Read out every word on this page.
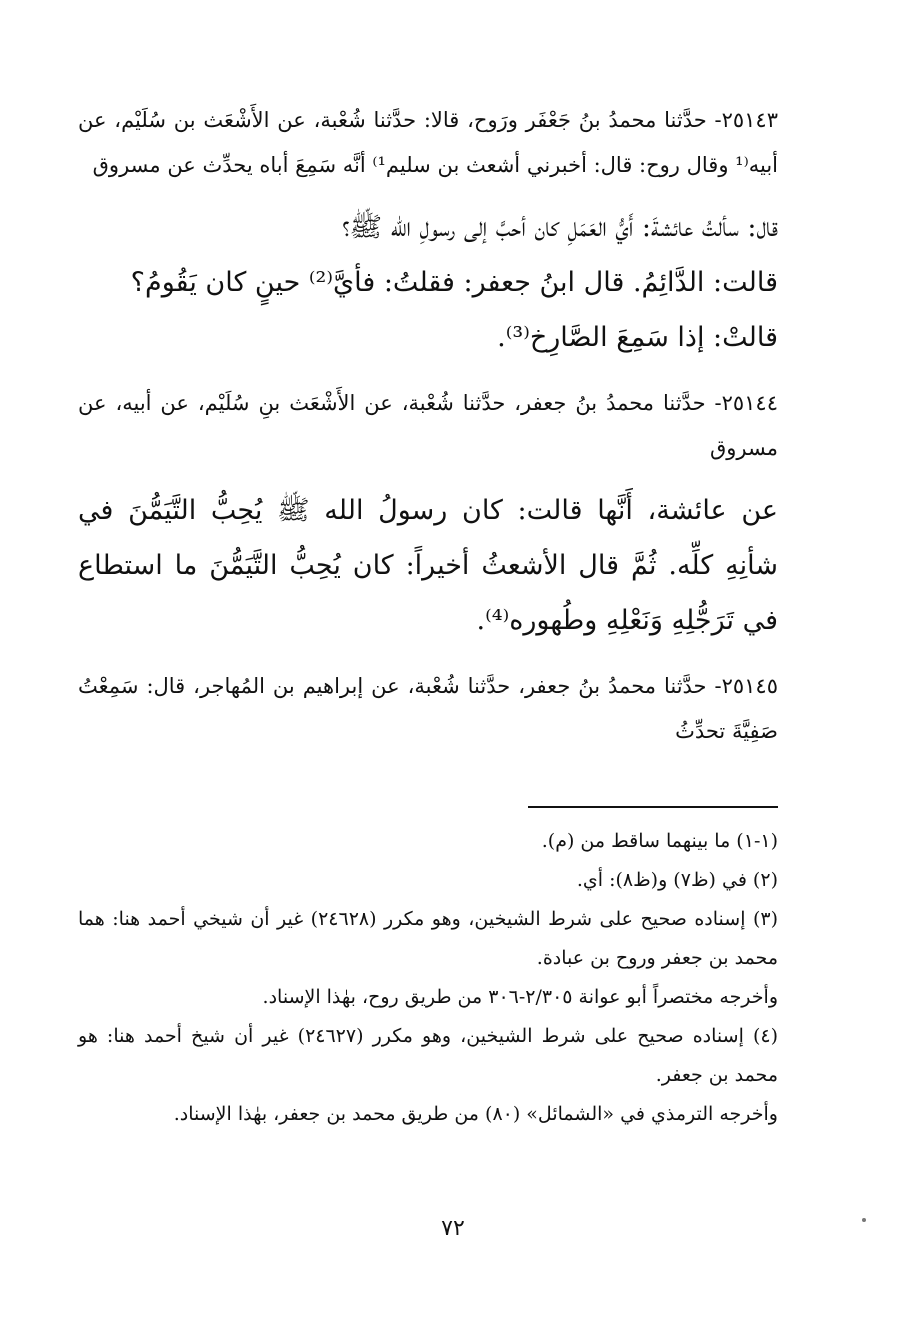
٢٥١٤٣- حدَّثنا محمدُ بنُ جَعْفَر ورَوح، قالا: حدَّثنا شُعْبة، عن الأَشْعَث بن سُلَيْم، عن أبيه⁽¹ وقال روح: قال: أخبرني أشعث بن سليم¹⁾ أنَّه سَمِعَ أباه يحدِّث عن مسروق

قال: سألتُ عائشةَ: أَيُّ العَمَلِ كان أحبَّ إلى رسولِ الله ﷺ؟

قالت: الدَّائِمُ. قال ابنُ جعفر: فقلتُ: فأيَّ⁽²⁾ حينٍ كان يَقُومُ؟

قالتْ: إذا سَمِعَ الصَّارِخ⁽³⁾.

٢٥١٤٤- حدَّثنا محمدُ بنُ جعفر، حدَّثنا شُعْبة، عن الأَشْعَث بنِ سُلَيْم، عن أبيه، عن مسروق

عن عائشة، أَنَّها قالت: كان رسولُ الله ﷺ يُحِبُّ التَّيَمُّنَ في شأنِهِ كلِّه. ثُمَّ قال الأشعثُ أخيراً: كان يُحِبُّ التَّيَمُّنَ ما استطاع في تَرَجُّلِهِ وَنَعْلِهِ وطُهوره⁽⁴⁾.

٢٥١٤٥- حدَّثنا محمدُ بنُ جعفر، حدَّثنا شُعْبة، عن إبراهيم بن المُهاجر، قال: سَمِعْتُ صَفِيَّةَ تحدِّثُ

(١-١) ما بينهما ساقط من (م).

(٢) في (ظ٧) و(ظ٨): أي.

(٣) إسناده صحيح على شرط الشيخين، وهو مكرر (٢٤٦٢٨) غير أن شيخي أحمد هنا: هما محمد بن جعفر وروح بن عبادة.

وأخرجه مختصراً أبو عوانة ٢/٣٠٥-٣٠٦ من طريق روح، بهٰذا الإسناد.

(٤) إسناده صحيح على شرط الشيخين، وهو مكرر (٢٤٦٢٧) غير أن شيخ أحمد هنا: هو محمد بن جعفر.

وأخرجه الترمذي في «الشمائل» (٨٠) من طريق محمد بن جعفر، بهٰذا الإسناد.

٧٢
